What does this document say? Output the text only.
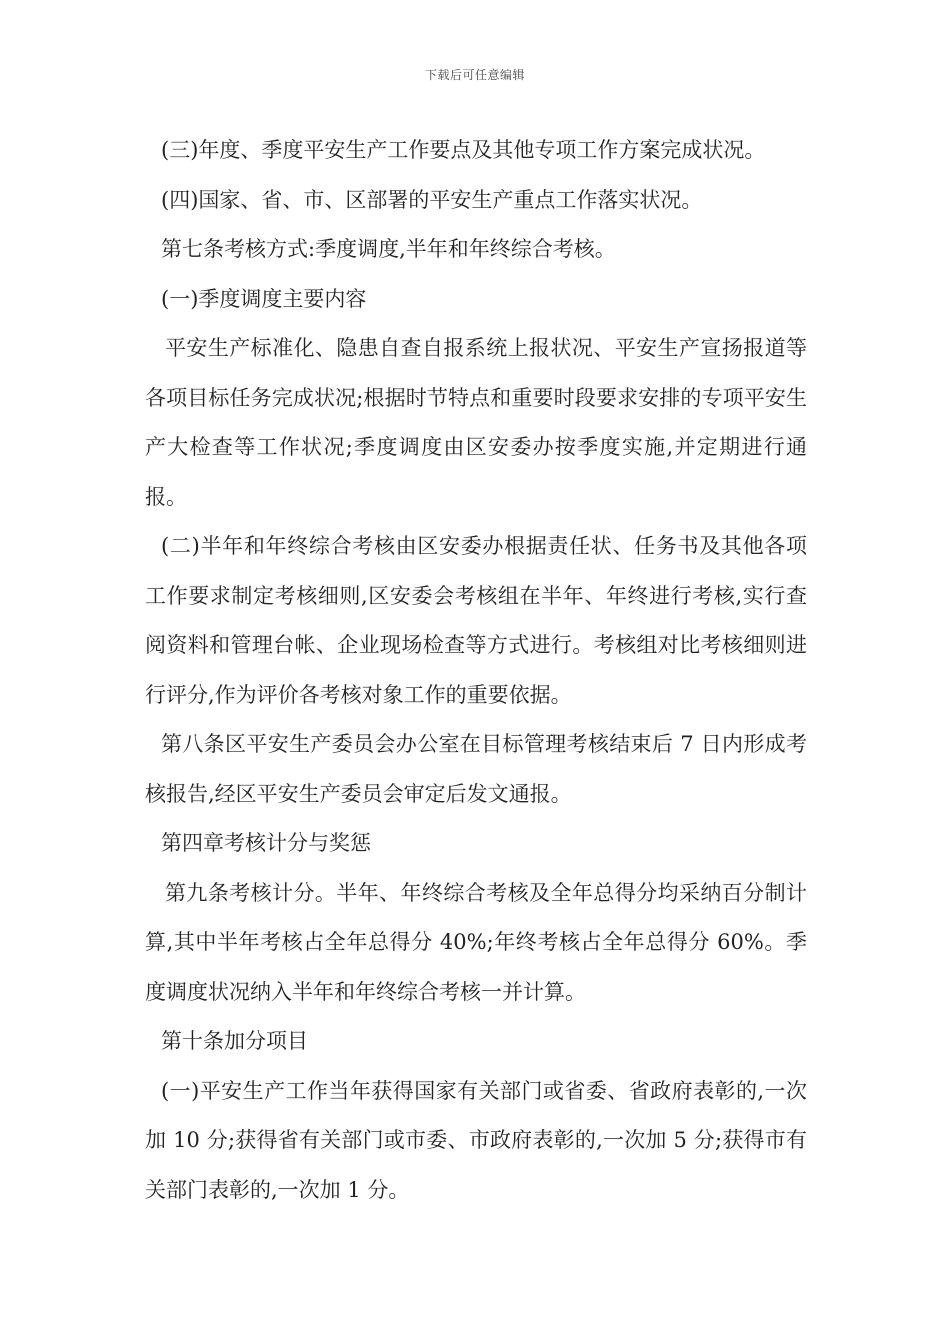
下载后可任意编辑

(三)年度、季度平安生产工作要点及其他专项工作方案完成状况。

(四)国家、省、市、区部署的平安生产重点工作落实状况。

第七条考核方式:季度调度,半年和年终综合考核。

(一)季度调度主要内容

平安生产标准化、隐患自查自报系统上报状况、平安生产宣扬报道等各项目标任务完成状况;根据时节特点和重要时段要求安排的专项平安生产大检查等工作状况;季度调度由区安委办按季度实施,并定期进行通报。

(二)半年和年终综合考核由区安委办根据责任状、任务书及其他各项工作要求制定考核细则,区安委会考核组在半年、年终进行考核,实行查阅资料和管理台帐、企业现场检查等方式进行。考核组对比考核细则进行评分,作为评价各考核对象工作的重要依据。

第八条区平安生产委员会办公室在目标管理考核结束后 7 日内形成考核报告,经区平安生产委员会审定后发文通报。

第四章考核计分与奖惩

第九条考核计分。半年、年终综合考核及全年总得分均采纳百分制计算,其中半年考核占全年总得分 40%;年终考核占全年总得分 60%。季度调度状况纳入半年和年终综合考核一并计算。

第十条加分项目

(一)平安生产工作当年获得国家有关部门或省委、省政府表彰的,一次加 10 分;获得省有关部门或市委、市政府表彰的,一次加 5 分;获得市有关部门表彰的,一次加 1 分。
